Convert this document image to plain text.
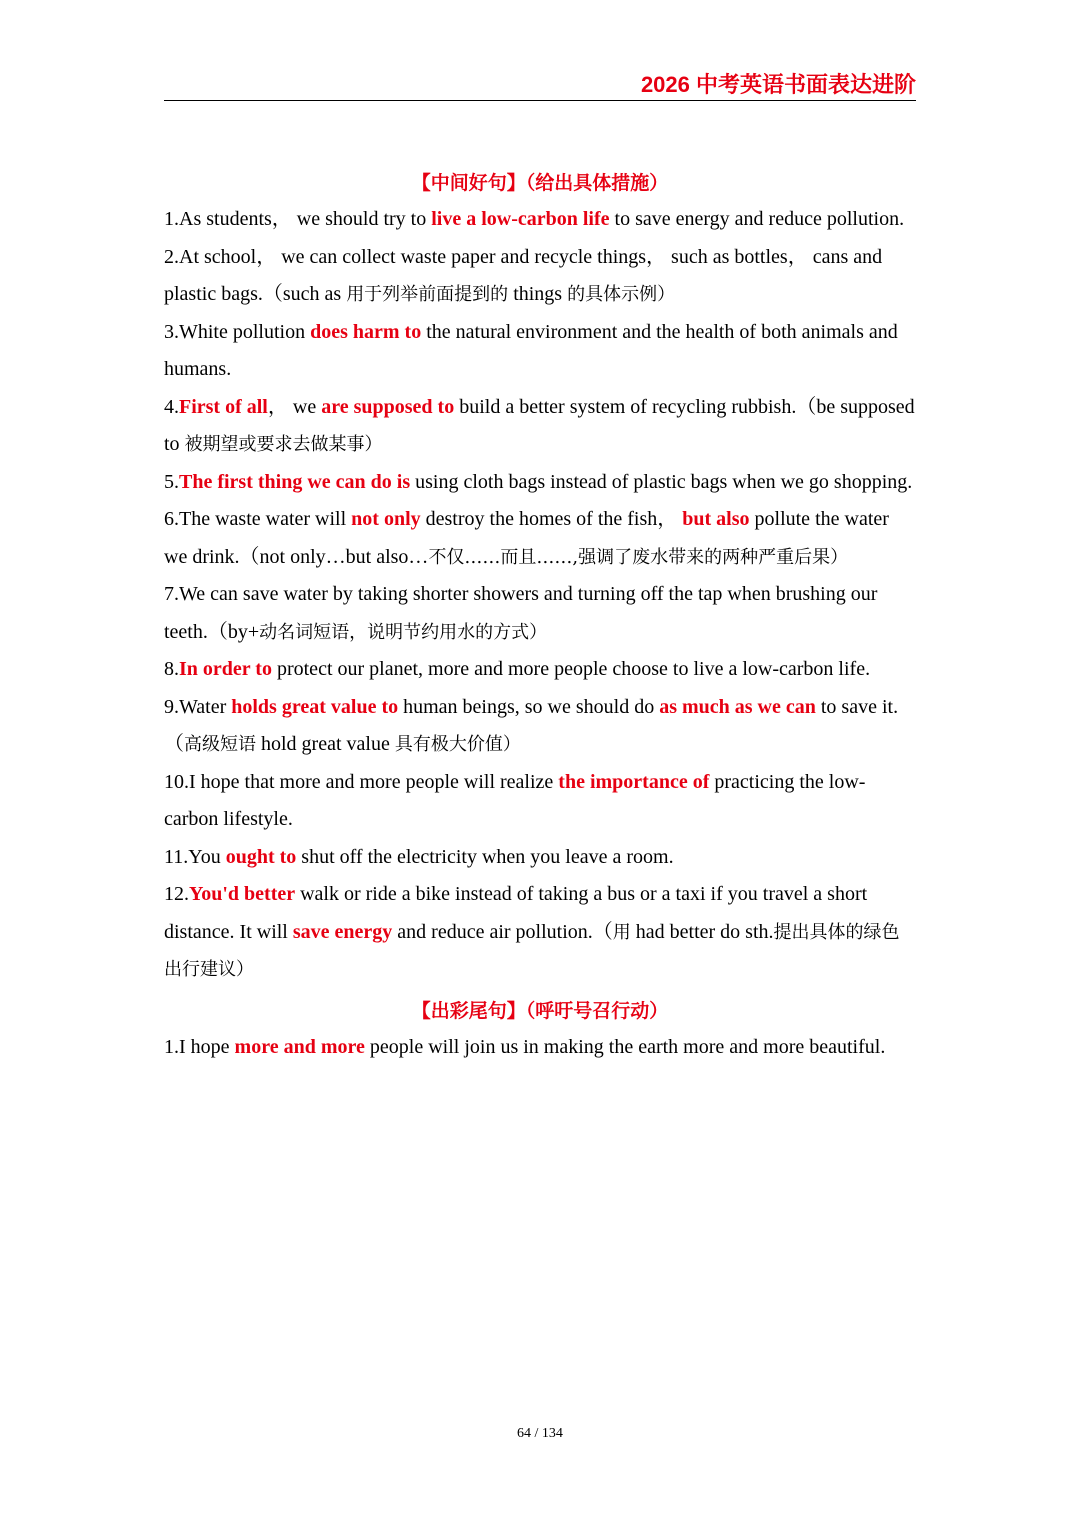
2026 中考英语书面表达进阶
【中间好句】（给出具体措施）

1.As students， we should try to live a low-carbon life to save energy and reduce pollution.

2.At school， we can collect waste paper and recycle things， such as bottles， cans and plastic bags.（such as 用于列举前面提到的 things 的具体示例）

3.White pollution does harm to the natural environment and the health of both animals and humans.

4.First of all， we are supposed to build a better system of recycling rubbish.（be supposed to 被期望或要求去做某事）

5.The first thing we can do is using cloth bags instead of plastic bags when we go shopping.

6.The waste water will not only destroy the homes of the fish， but also pollute the water we drink.（not only…but also…不仅……而且……,强调了废水带来的两种严重后果）

7.We can save water by taking shorter showers and turning off the tap when brushing our teeth.（by+动名词短语，说明节约用水的方式）

8.In order to protect our planet, more and more people choose to live a low-carbon life.

9.Water holds great value to human beings, so we should do as much as we can to save it.（高级短语 hold great value 具有极大价值）

10.I hope that more and more people will realize the importance of practicing the low-carbon lifestyle.

11.You ought to shut off the electricity when you leave a room.

12.You'd better walk or ride a bike instead of taking a bus or a taxi if you travel a short distance. It will save energy and reduce air pollution.（用 had better do sth.提出具体的绿色出行建议）

【出彩尾句】（呼吁号召行动）

1.I hope more and more people will join us in making the earth more and more beautiful.

64 / 134
